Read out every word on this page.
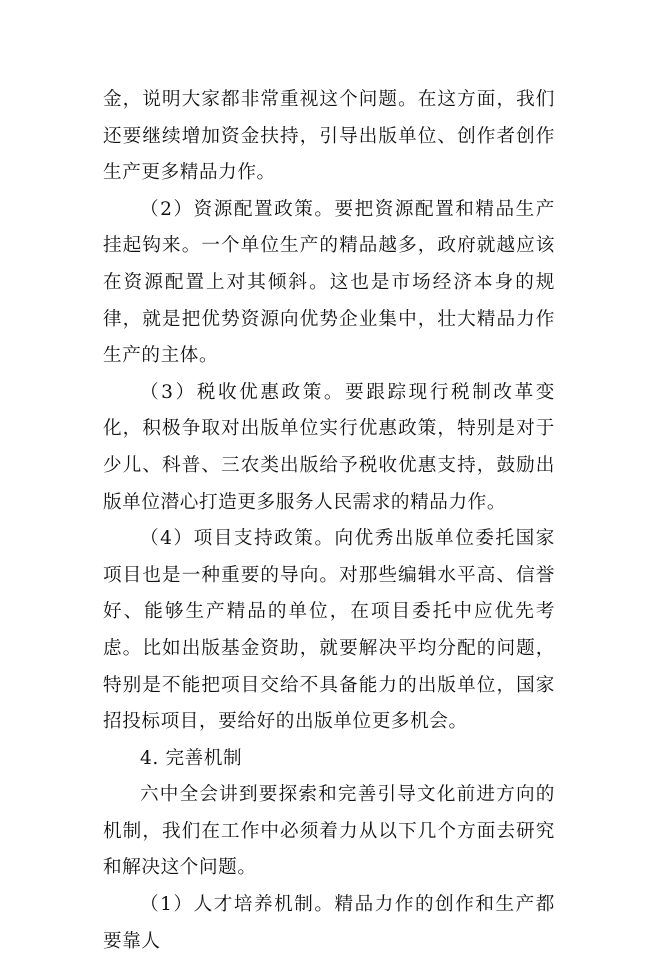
金，说明大家都非常重视这个问题。在这方面，我们还要继续增加资金扶持，引导出版单位、创作者创作生产更多精品力作。

（2）资源配置政策。要把资源配置和精品生产挂起钩来。一个单位生产的精品越多，政府就越应该在资源配置上对其倾斜。这也是市场经济本身的规律，就是把优势资源向优势企业集中，壮大精品力作生产的主体。

（3）税收优惠政策。要跟踪现行税制改革变化，积极争取对出版单位实行优惠政策，特别是对于少儿、科普、三农类出版给予税收优惠支持，鼓励出版单位潜心打造更多服务人民需求的精品力作。

（4）项目支持政策。向优秀出版单位委托国家项目也是一种重要的导向。对那些编辑水平高、信誉好、能够生产精品的单位，在项目委托中应优先考虑。比如出版基金资助，就要解决平均分配的问题，特别是不能把项目交给不具备能力的出版单位，国家招投标项目，要给好的出版单位更多机会。

4. 完善机制

六中全会讲到要探索和完善引导文化前进方向的机制，我们在工作中必须着力从以下几个方面去研究和解决这个问题。

（1）人才培养机制。精品力作的创作和生产都要靠人
